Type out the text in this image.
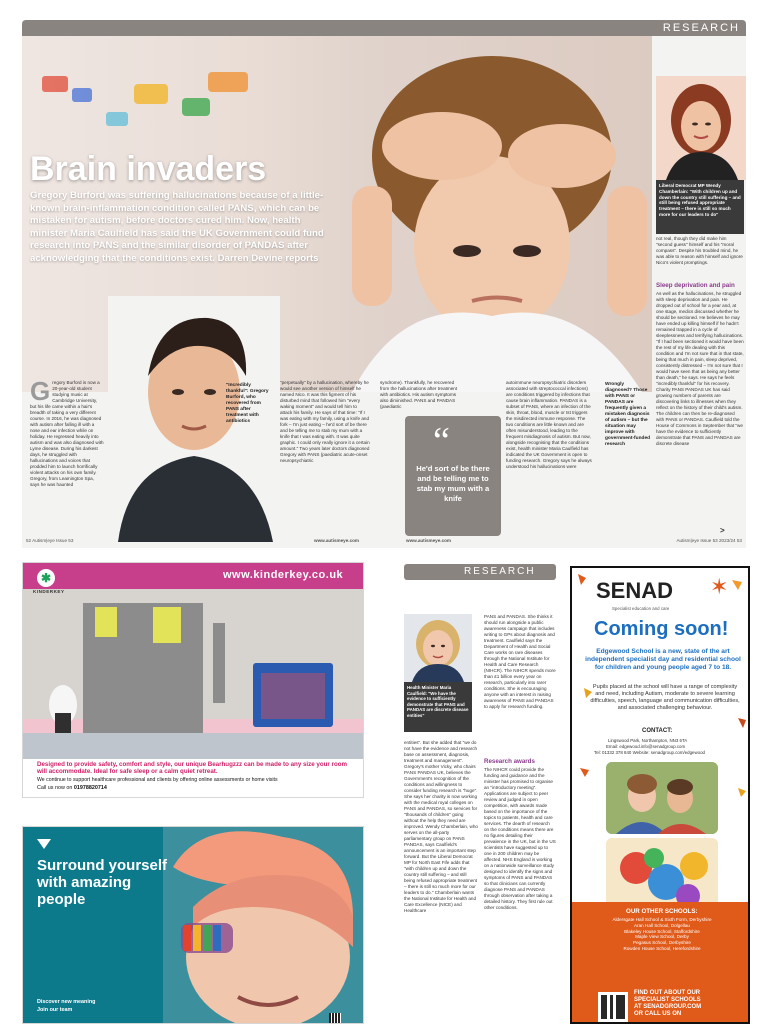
RESEARCH
Brain invaders
Gregory Burford was suffering hallucinations because of a little-known brain-inflammation condition called PANS, which can be mistaken for autism, before doctors cured him. Now, health minister Maria Caulfield has said the UK Government could fund research into PANS and the similar disorder of PANDAS after acknowledging that the conditions exist. Darren Devine reports
"Incredibly thankful": Gregory Burford, who recovered from PANS after treatment with antibiotics
Liberal Democrat MP Wendy Chamberlain: "With children up and down the country still suffering – and still being refused appropriate treatment – there is still so much more for our leaders to do"
Gregory Burford is now a 20-year-old student studying music at Cambridge University, but his life came within a hair's breadth of taking a very different course. In 2016, he was diagnosed with autism after falling ill with a nose and ear infection while on holiday. He regressed heavily into autism and was also diagnosed with Lyme disease. During his darkest days, he struggled with hallucinations and voices that prodded him to launch horrifically violent attacks on his own family. Gregory, from Leamington Spa, says he was haunted
"perpetually" by a hallucination, whereby he would see another version of himself he named Nico. It was this figment of his disturbed mind that followed him "every waking moment" and would tell him to attack his family. He says of that time: "If I was eating with my family, using a knife and fork – I'm just eating – he'd sort of be there and be telling me to stab my mum with a knife that I was eating with. It was quite graphic. I could only really ignore it a certain amount." Two years later doctors diagnosed Gregory with PANS (paediatric acute-onset neuropsychiatric
syndrome). Thankfully, he recovered from the hallucinations after treatment with antibiotics. His autism symptoms also diminished. PANS and PANDAS (paediatric
“
He'd sort of be there and be telling me to stab my mum with a knife
autoimmune neuropsychiatric disorders associated with streptococcal infections) are conditions triggered by infections that cause brain inflammation. PANDAS is a subset of PANS, where an infection of the skin, throat, blood, muscle or tst triggers the misdirected immune response. The two conditions are little known and are often misunderstood, leading to the frequent misdiagnosis of autism. But now, alongside recognising that the conditions exist, health minister Maria Caulfield has indicated the UK Government is open to funding research. Gregory says he always understood his hallucinations were
Wrongly diagnosed? Those with PANS or PANDAS are frequently given a mistaken diagnosis of autism – but the situation may improve with government-funded research
not real, though they did make him "second guess" himself and his "moral compass". Despite his troubled mind, he was able to reason with himself and ignore Nico's violent promptings.
Sleep deprivation and pain
As well as the hallucinations, he struggled with sleep deprivation and pain. He dropped out of school for a year and, at one stage, medics discussed whether he should be sectioned. He believes he may have ended up killing himself if he hadn't remained trapped in a cycle of sleeplessness and terrifying hallucinations. "If I had been sectioned it would have been the rest of my life dealing with this condition and I'm not sure that in that state, being that much in pain, sleep deprived, consistently distressed – I'm not sure that I would have seen that as being any better than death," he says. He says he feels "incredibly thankful" for his recovery. Charity PANS PANDAS UK has said growing numbers of parents are discovering links to illnesses when they reflect on the history of their child's autism. The children can then be re-diagnosed with PANS or PANDAS. Caulfield told the House of Commons in September that "we have the evidence to sufficiently demonstrate that PANS and PANDAS are discrete disease
52 Autism|eye Issue 53	www.autismeye.com	www.autismeye.com	Autism|eye Issue 53 2023/24 53
>
✱
KINDERKEY
www.kinderkey.co.uk
Designed to provide safety, comfort and style, our unique Bearhugzzz can be made to any size your room will accommodate. Ideal for safe sleep or a calm quiet retreat.
We continue to support healthcare professional and clients by offering online assessments or home visits
Call us now on 01978820714
Surround yourself with amazing people
Discover new meaning
Join our team
RESEARCH
Health Minister Maria Caulfield: "We have the evidence to sufficiently demonstrate that PANS and PANDAS are discrete disease entities"
entities". But she added that "we do not have the evidence and research base on assessment, diagnosis, treatment and management". Gregory's mother Vicky, who chairs PANS PANDAS UK, believes the Government's recognition of the conditions and willingness to consider funding research is "huge". She says her charity is now working with the medical royal colleges on PANS and PANDAS, so services for "thousands of children" going without the help they need are improved. Wendy Chamberlain, who serves on the all-party parliamentary group on PANS PANDAS, says Caulfield's announcement is an important step forward. But the Liberal Democrat MP for North East Fife adds that "with children up and down the country still suffering – and still being refused appropriate treatment – there is still so much more for our leaders to do." Chamberlain wants the National Institute for Health and Care Excellence (NICE) and Healthcare
PANS and PANDAS. She thinks it should run alongside a public awareness campaign that includes writing to GPs about diagnosis and treatment. Caulfield says the Department of Health and Social Care works on rare diseases through the National Institute for Health and Care Research (NIHCR). The NIHCR spends more than £1 billion every year on research, particularly into rarer conditions. She is encouraging anyone with an interest in raising awareness of PANS and PANDAS to apply for research funding.
Research awards
The NIHCR could provide the funding and guidance and the minister has promised to organise an "introductory meeting". Applications are subject to peer review and judged in open competition, with awards made based on the importance of the topics to patients, health and care services. The dearth of research on the conditions means there are no figures detailing their prevalence in the UK, but in the US scientists have suggested up to one in 200 children may be affected. NHS England is working on a nationwide surveillance study designed to identify the signs and symptoms of PANS and PANDAS so that clinicians can currently diagnose PANS and PANDAS through observation after taking a detailed history. They first rule out other conditions.
SENAD ✶
Specialist education and care
Coming soon!
Edgewood School is a new, state of the art independent specialist day and residential school for children and young people aged 7 to 18.
Pupils placed at the school will have a range of complexity and need, including Autism, moderate to severe learning difficulties, speech, language and communication difficulties, and associated challenging behaviour.
CONTACT:
Lingswood Park, Northampton, NN3 6TA
Email: edgewood.info@senadgroup.com
Tel: 01332 378 840 Website: senadgroup.com/edgewood
OUR OTHER SCHOOLS:
Aldersgate Hall School & Sixth Form, Derbyshire
Aran Hall School, Dolgellau
Blakeley House School, Staffordshire
Maple View School, Derby
Pegasus School, Derbyshire
Rowden House School, Herefordshire
FIND OUT ABOUT OUR
SPECIALIST SCHOOLS
AT SENADGROUP.COM
OR CALL US ON
